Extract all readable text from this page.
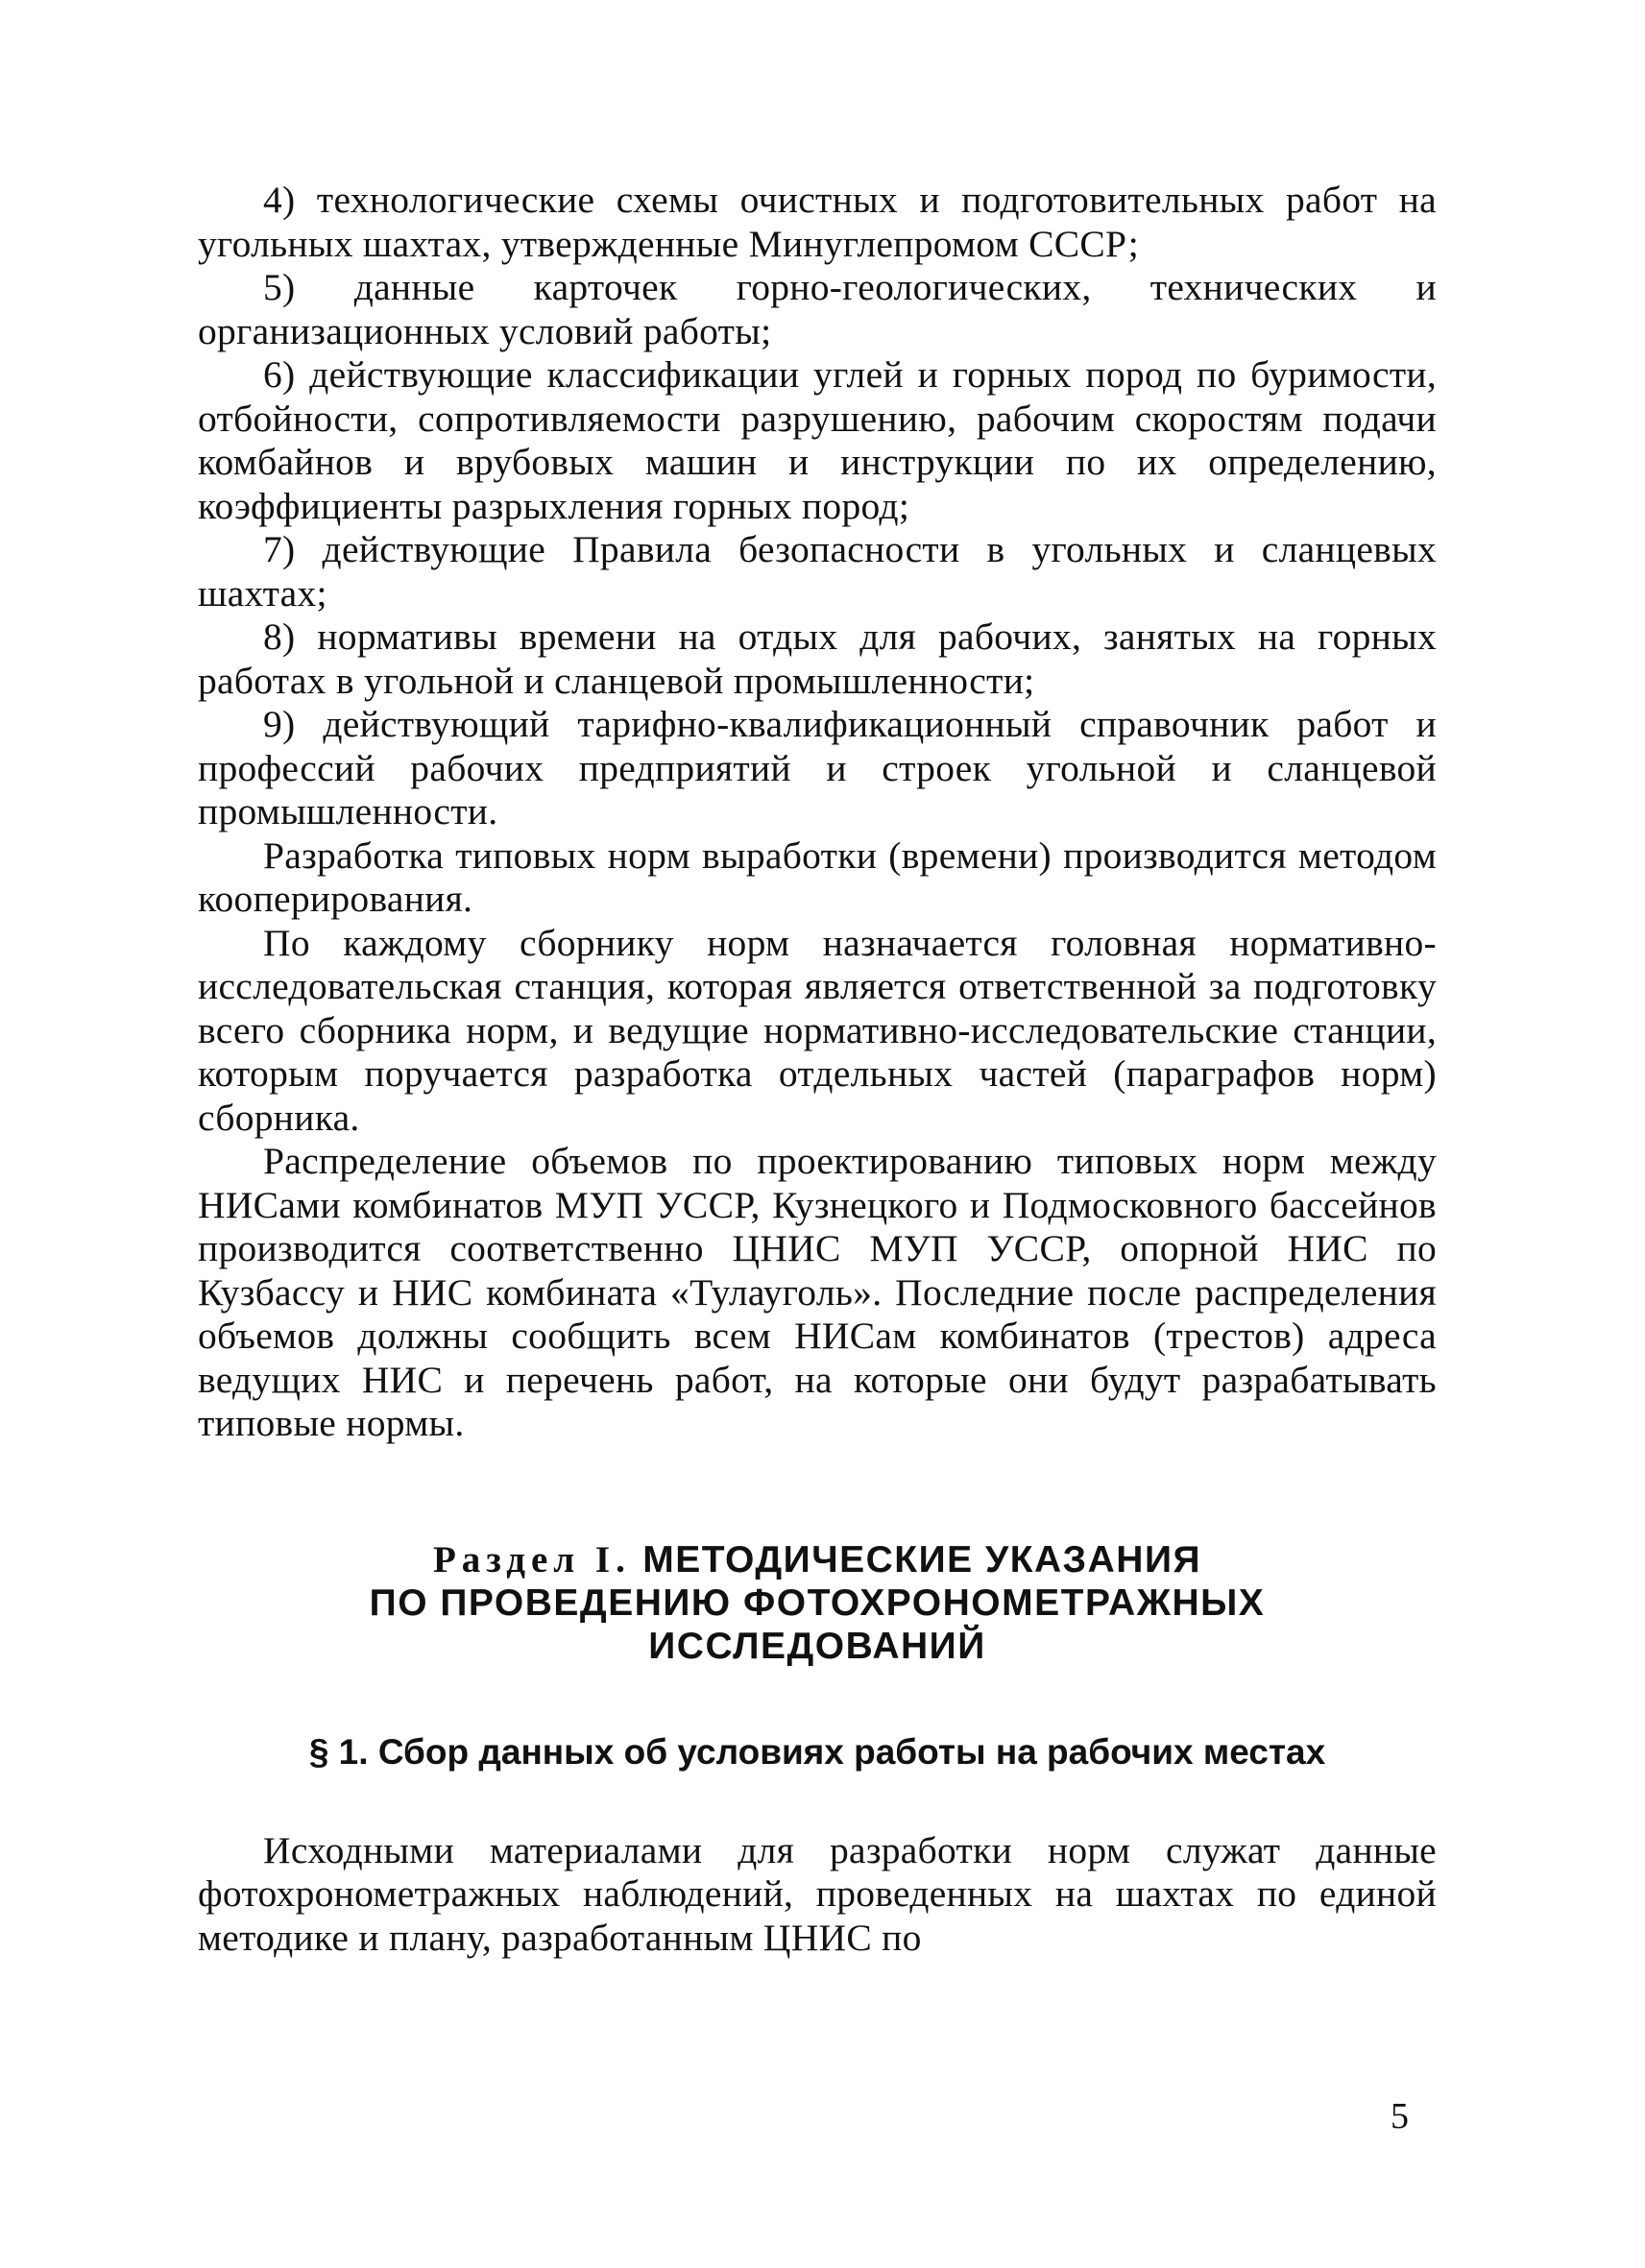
4) технологические схемы очистных и подготовительных работ на угольных шахтах, утвержденные Минуглепромом СССР;

5) данные карточек горно-геологических, технических и организационных условий работы;

6) действующие классификации углей и горных пород по буримости, отбойности, сопротивляемости разрушению, рабочим скоростям подачи комбайнов и врубовых машин и инструкции по их определению, коэффициенты разрыхления горных пород;

7) действующие Правила безопасности в угольных и сланцевых шахтах;

8) нормативы времени на отдых для рабочих, занятых на горных работах в угольной и сланцевой промышленности;

9) действующий тарифно-квалификационный справочник работ и профессий рабочих предприятий и строек угольной и сланцевой промышленности.

Разработка типовых норм выработки (времени) производится методом кооперирования.

По каждому сборнику норм назначается головная нормативно-исследовательская станция, которая является ответственной за подготовку всего сборника норм, и ведущие нормативно-исследовательские станции, которым поручается разработка отдельных частей (параграфов норм) сборника.

Распределение объемов по проектированию типовых норм между НИСами комбинатов МУП УССР, Кузнецкого и Подмосковного бассейнов производится соответственно ЦНИС МУП УССР, опорной НИС по Кузбассу и НИС комбината «Тулауголь». Последние после распределения объемов должны сообщить всем НИСам комбинатов (трестов) адреса ведущих НИС и перечень работ, на которые они будут разрабатывать типовые нормы.

Раздел I. МЕТОДИЧЕСКИЕ УКАЗАНИЯ
ПО ПРОВЕДЕНИЮ ФОТОХРОНОМЕТРАЖНЫХ
ИССЛЕДОВАНИЙ
§ 1. Сбор данных об условиях работы на рабочих местах

Исходными материалами для разработки норм служат данные фотохронометражных наблюдений, проведенных на шахтах по единой методике и плану, разработанным ЦНИС по

5
